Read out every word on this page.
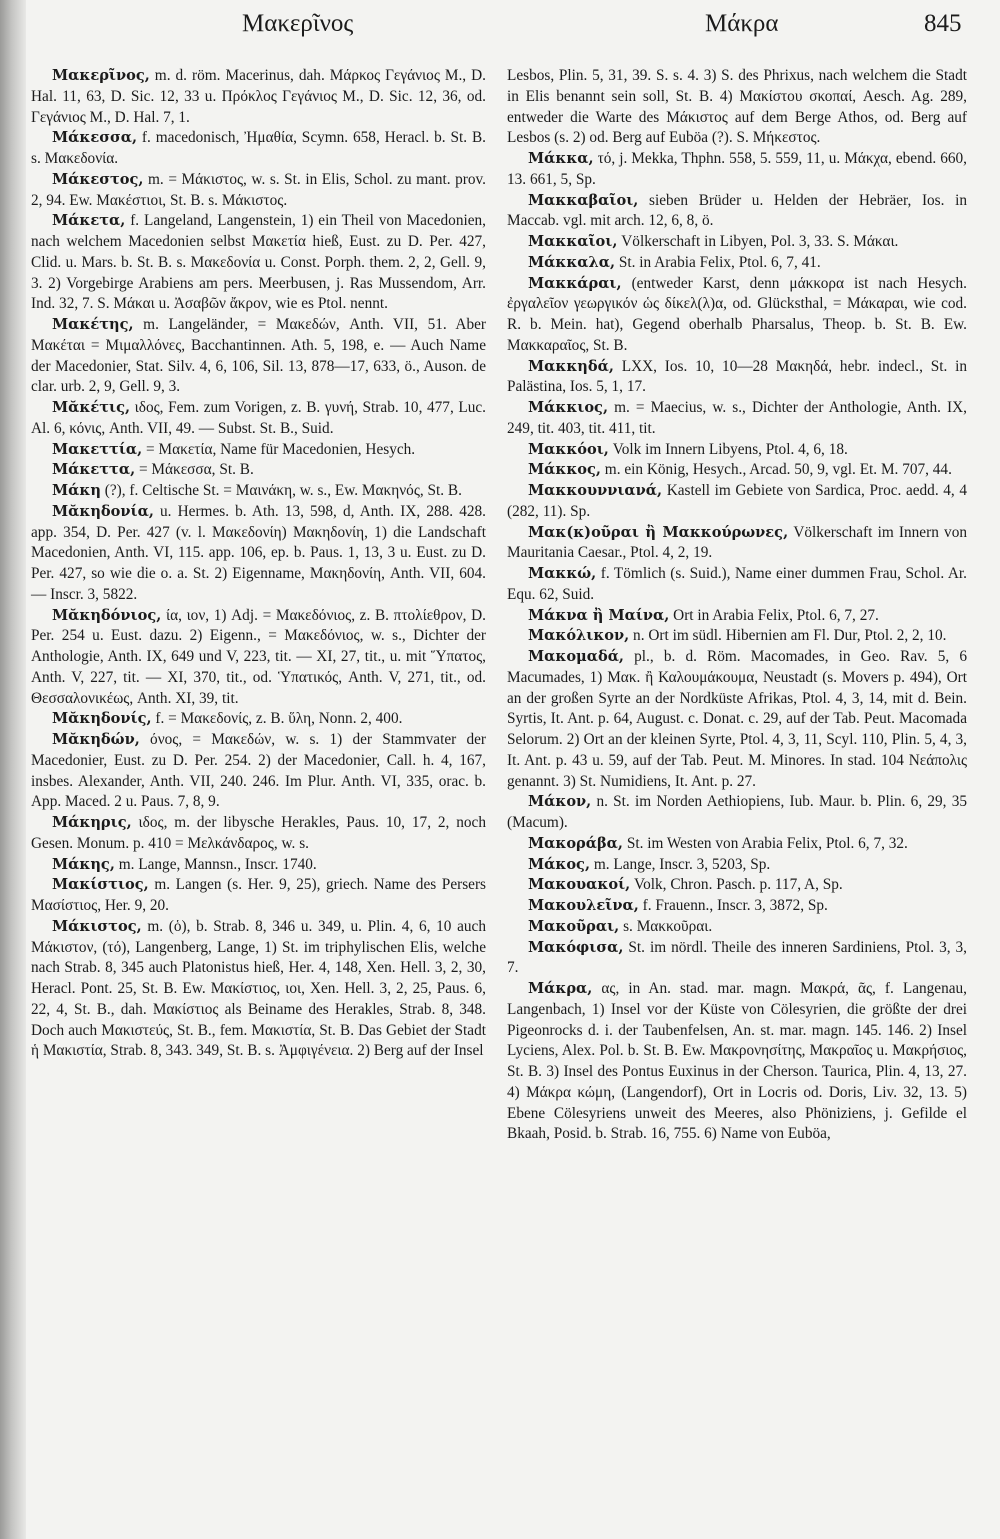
Μακερῖνος	Μάκρα	845

Μακερῖνος, m. d. röm. Macerinus, dah. Μάρκος Γεγάνιος Μ., D. Hal. 11, 63, D. Sic. 12, 33 u. Πρόκλος Γεγάνιος Μ., D. Sic. 12, 36, od. Γεγάνιος Μ., D. Hal. 7, 1.

Μάκεσσα, f. macedonisch, Ἠμαθία, Scymn. 658, Heracl. b. St. B. s. Μακεδονία.

Μάκεστος, m. = Μάκιστος, w. s. St. in Elis, Schol. zu mant. prov. 2, 94. Ew. Μακέστιοι, St. B. s. Μάκιστος.

Μάκετα, f. Langeland, Langenstein, 1) ein Theil von Macedonien, nach welchem Macedonien selbst Μακετία hieß, Eust. zu D. Per. 427, Clid. u. Mars. b. St. B. s. Μακεδονία u. Const. Porph. them. 2, 2, Gell. 9, 3. 2) Vorgebirge Arabiens am pers. Meerbusen, j. Ras Mussendom, Arr. Ind. 32, 7. S. Μάκαι u. Ἀσαβῶν ἄκρον, wie es Ptol. nennt.

Μακέτης, m. Langeländer, = Μακεδών, Anth. VII, 51. Aber Μακέται = Μιμαλλόνες, Bacchantinnen. Ath. 5, 198, e. — Auch Name der Macedonier, Stat. Silv. 4, 6, 106, Sil. 13, 878—17, 633, ö., Auson. de clar. urb. 2, 9, Gell. 9, 3.

Μᾰκέτις, ιδος, Fem. zum Vorigen, z. B. γυνή, Strab. 10, 477, Luc. Al. 6, κόνις, Anth. VII, 49. — Subst. St. B., Suid.

Μακεττία, = Μακετία, Name für Macedonien, Hesych.

Μάκεττα, = Μάκεσσα, St. B.

Μάκη (?), f. Celtische St. = Μαινάκη, w. s., Ew. Μακηνός, St. B.

Μᾰκηδονία, u. Hermes. b. Ath. 13, 598, d, Anth. IX, 288. 428. app. 354, D. Per. 427 (v. l. Μακεδονίη) Μακηδονίη, 1) die Landschaft Macedonien, Anth. VI, 115. app. 106, ep. b. Paus. 1, 13, 3 u. Eust. zu D. Per. 427, so wie die o. a. St. 2) Eigenname, Μακηδονίη, Anth. VII, 604. — Inscr. 3, 5822.

Μᾰκηδόνιος, ία, ιον, 1) Adj. = Μακεδόνιος, z. B. πτολίεθρον, D. Per. 254 u. Eust. dazu. 2) Eigenn., = Μακεδόνιος, w. s., Dichter der Anthologie, Anth. IX, 649 und V, 223, tit. — XI, 27, tit., u. mit Ὕπατος, Anth. V, 227, tit. — XI, 370, tit., od. Ὑπατικός, Anth. V, 271, tit., od. Θεσσαλονικέως, Anth. XI, 39, tit.

Μᾰκηδονίς, f. = Μακεδονίς, z. B. ὕλη, Nonn. 2, 400.

Μᾰκηδών, όνος, = Μακεδών, w. s. 1) der Stammvater der Macedonier, Eust. zu D. Per. 254. 2) der Macedonier, Call. h. 4, 167, insbes. Alexander, Anth. VII, 240. 246. Im Plur. Anth. VI, 335, orac. b. App. Maced. 2 u. Paus. 7, 8, 9.

Μάκηρις, ιδος, m. der libysche Herakles, Paus. 10, 17, 2, noch Gesen. Monum. p. 410 = Μελκάνδαρος, w. s.

Μάκης, m. Lange, Mannsn., Inscr. 1740.

Μακίστιος, m. Langen (s. Her. 9, 25), griech. Name des Persers Μασίστιος, Her. 9, 20.

Μάκιστος, m. (ὁ), b. Strab. 8, 346 u. 349, u. Plin. 4, 6, 10 auch Μάκιστον, (τό), Langenberg, Lange, 1) St. im triphylischen Elis, welche nach Strab. 8, 345 auch Platonistus hieß, Her. 4, 148, Xen. Hell. 3, 2, 30, Heracl. Pont. 25, St. B. Ew. Μακίστιος, ιοι, Xen. Hell. 3, 2, 25, Paus. 6, 22, 4, St. B., dah. Μακίστιος als Beiname des Herakles, Strab. 8, 348. Doch auch Μακιστεύς, St. B., fem. Μακιστία, St. B. Das Gebiet der Stadt ἡ Μακιστία, Strab. 8, 343. 349, St. B. s. Ἀμφιγένεια. 2) Berg auf der Insel

Lesbos, Plin. 5, 31, 39. S. s. 4. 3) S. des Phrixus, nach welchem die Stadt in Elis benannt sein soll, St. B. 4) Μακίστου σκοπαί, Aesch. Ag. 289, entweder die Warte des Μάκιστος auf dem Berge Athos, od. Berg auf Lesbos (s. 2) od. Berg auf Euböa (?). S. Μήκεστος.

Μάκκα, τό, j. Mekka, Thphn. 558, 5. 559, 11, u. Μάκχα, ebend. 660, 13. 661, 5, Sp.

Μακκαβαῖοι, sieben Brüder u. Helden der Hebräer, Ios. in Maccab. vgl. mit arch. 12, 6, 8, ö.

Μακκαῖοι, Völkerschaft in Libyen, Pol. 3, 33. S. Μάκαι.

Μάκκαλα, St. in Arabia Felix, Ptol. 6, 7, 41.

Μακκάραι, (entweder Karst, denn μάκκορα ist nach Hesych. ἐργαλεῖον γεωργικόν ὡς δίκελ(λ)α, od. Glücksthal, = Μάκαραι, wie cod. R. b. Mein. hat), Gegend oberhalb Pharsalus, Theop. b. St. B. Ew. Μακκαραῖος, St. B.

Μακκηδά, LXX, Ios. 10, 10—28 Μακηδά, hebr. indecl., St. in Palästina, Ios. 5, 1, 17.

Μάκκιος, m. = Maecius, w. s., Dichter der Anthologie, Anth. IX, 249, tit. 403, tit. 411, tit.

Μακκόοι, Volk im Innern Libyens, Ptol. 4, 6, 18.

Μάκκος, m. ein König, Hesych., Arcad. 50, 9, vgl. Et. M. 707, 44.

Μακκουννιανά, Kastell im Gebiete von Sardica, Proc. aedd. 4, 4 (282, 11). Sp.

Μακ(κ)οῦραι ἢ Μακκούρωνες, Völkerschaft im Innern von Mauritania Caesar., Ptol. 4, 2, 19.

Μακκώ, f. Tömlich (s. Suid.), Name einer dummen Frau, Schol. Ar. Equ. 62, Suid.

Μάκνα ἢ Μαίνα, Ort in Arabia Felix, Ptol. 6, 7, 27.

Μακόλικον, n. Ort im südl. Hibernien am Fl. Dur, Ptol. 2, 2, 10.

Μακομαδά, pl., b. d. Röm. Macomades, in Geo. Rav. 5, 6 Macumades, 1) Μακ. ἢ Καλουμάκουμα, Neustadt (s. Movers p. 494), Ort an der großen Syrte an der Nordküste Afrikas, Ptol. 4, 3, 14, mit d. Bein. Syrtis, It. Ant. p. 64, August. c. Donat. c. 29, auf der Tab. Peut. Macomada Selorum. 2) Ort an der kleinen Syrte, Ptol. 4, 3, 11, Scyl. 110, Plin. 5, 4, 3, It. Ant. p. 43 u. 59, auf der Tab. Peut. M. Minores. In stad. 104 Νεάπολις genannt. 3) St. Numidiens, It. Ant. p. 27.

Μάκον, n. St. im Norden Aethiopiens, Iub. Maur. b. Plin. 6, 29, 35 (Macum).

Μακοράβα, St. im Westen von Arabia Felix, Ptol. 6, 7, 32.

Μάκος, m. Lange, Inscr. 3, 5203, Sp.

Μακουακοί, Volk, Chron. Pasch. p. 117, A, Sp.

Μακουλεῖνα, f. Frauenn., Inscr. 3, 3872, Sp.

Μακοῦραι, s. Μακκοῦραι.

Μακόφισα, St. im nördl. Theile des inneren Sardiniens, Ptol. 3, 3, 7.

Μάκρα, ας, in An. stad. mar. magn. Μακρά, ᾶς, f. Langenau, Langenbach, 1) Insel vor der Küste von Cölesyrien, die größte der drei Pigeonrocks d. i. der Taubenfelsen, An. st. mar. magn. 145. 146. 2) Insel Lyciens, Alex. Pol. b. St. B. Ew. Μακρονησίτης, Μακραῖος u. Μακρήσιος, St. B. 3) Insel des Pontus Euxinus in der Cherson. Taurica, Plin. 4, 13, 27. 4) Μάκρα κώμη, (Langendorf), Ort in Locris od. Doris, Liv. 32, 13. 5) Ebene Cölesyriens unweit des Meeres, also Phöniziens, j. Gefilde el Bkaah, Posid. b. Strab. 16, 755. 6) Name von Euböa,
